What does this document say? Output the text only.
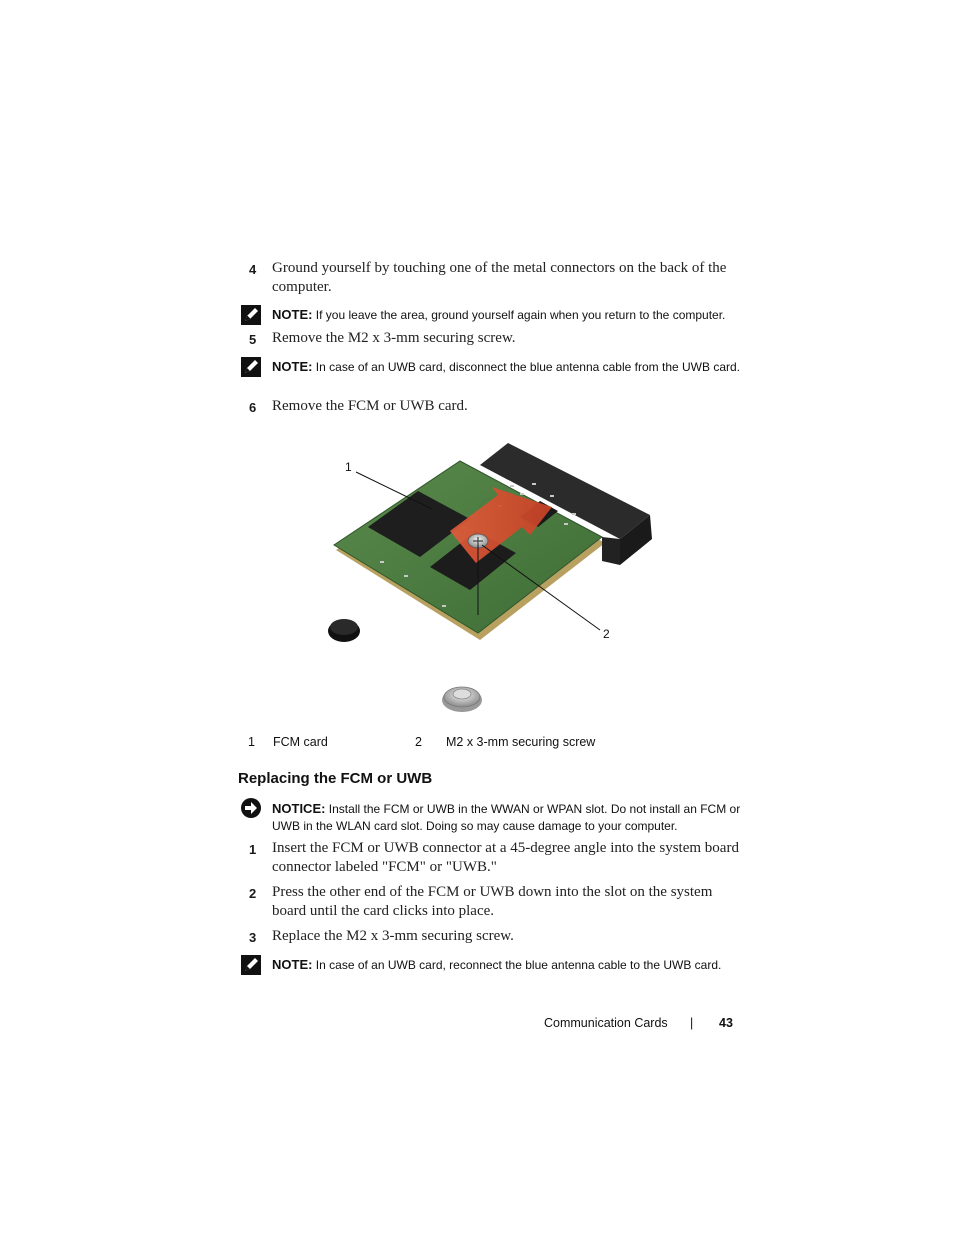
4	Ground yourself by touching one of the metal connectors on the back of the computer.
NOTE: If you leave the area, ground yourself again when you return to the computer.
5	Remove the M2 x 3-mm securing screw.
NOTE: In case of an UWB card, disconnect the blue antenna cable from the UWB card.
6	Remove the FCM or UWB card.
1
2
1 FCM card	2 M2 x 3-mm securing screw
Replacing the FCM or UWB
NOTICE: Install the FCM or UWB in the WWAN or WPAN slot. Do not install an FCM or UWB in the WLAN card slot. Doing so may cause damage to your computer.
1	Insert the FCM or UWB connector at a 45-degree angle into the system board connector labeled "FCM" or "UWB."
2	Press the other end of the FCM or UWB down into the slot on the system board until the card clicks into place.
3	Replace the M2 x 3-mm securing screw.
NOTE: In case of an UWB card, reconnect the blue antenna cable to the UWB card.
Communication Cards | 43
